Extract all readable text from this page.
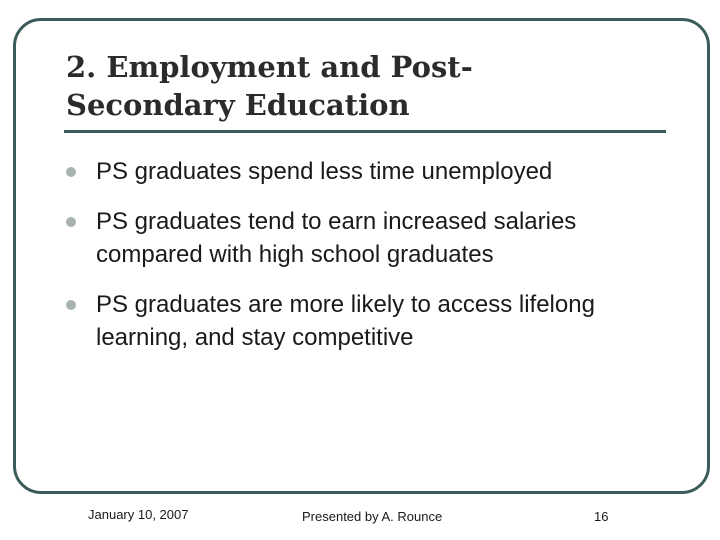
2. Employment and Post-
Secondary Education
PS graduates spend less time unemployed
PS graduates tend to earn increased salaries compared with high school graduates
PS graduates are more likely to access lifelong learning, and stay competitive
January 10, 2007	Presented by A. Rounce	16
